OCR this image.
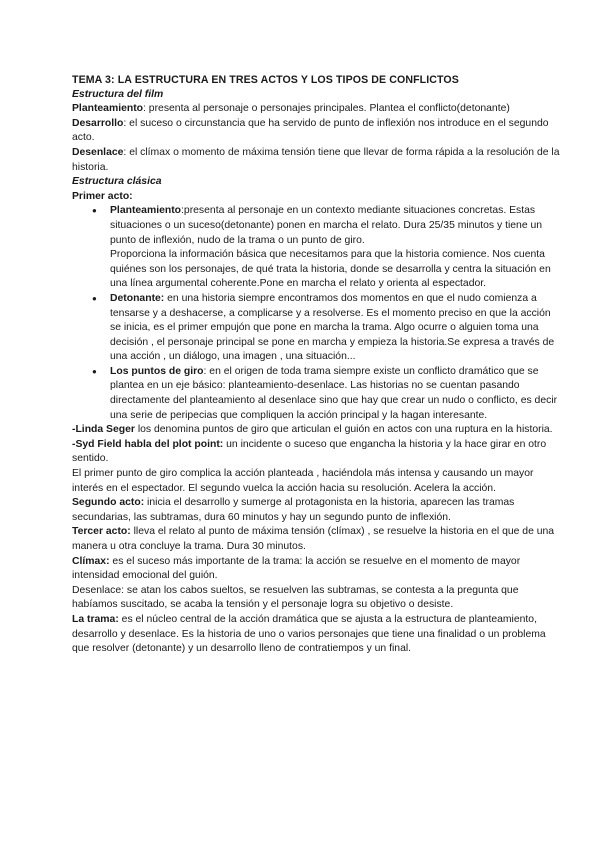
TEMA 3: LA ESTRUCTURA EN TRES ACTOS Y LOS TIPOS DE CONFLICTOS

Estructura del film

Planteamiento: presenta al personaje o personajes principales. Plantea el conflicto(detonante)

Desarrollo: el suceso o circunstancia que ha servido de punto de inflexión nos introduce en el segundo acto.

Desenlace: el clímax o momento de máxima tensión tiene que llevar de forma rápida a la resolución de la historia.

Estructura clásica

Primer acto:

● Planteamiento:presenta al personaje en un contexto mediante situaciones concretas. Estas situaciones o un suceso(detonante) ponen en marcha el relato. Dura 25/35 minutos y tiene un punto de inflexión, nudo de la trama o un punto de giro.

Proporciona la información básica que necesitamos para que la historia comience. Nos cuenta quiénes son los personajes, de qué trata la historia, donde se desarrolla y centra la situación en una línea argumental coherente.Pone en marcha el relato y orienta al espectador.

● Detonante: en una historia siempre encontramos dos momentos en que el nudo comienza a tensarse y a deshacerse, a complicarse y a resolverse. Es el momento preciso en que la acción se inicia, es el primer empujón que pone en marcha la trama. Algo ocurre o alguien toma una decisión , el personaje principal se pone en marcha y empieza la historia.Se expresa a través de una acción , un diálogo, una imagen , una situación...

● Los puntos de giro: en el origen de toda trama siempre existe un conflicto dramático que se plantea en un eje básico: planteamiento-desenlace. Las historias no se cuentan pasando directamente del planteamiento al desenlace sino que hay que crear un nudo o conflicto, es decir una serie de peripecias que compliquen la acción principal y la hagan interesante.

-Linda Seger los denomina puntos de giro que articulan el guión en actos con una ruptura en la historia.

-Syd Field habla del plot point: un incidente o suceso que engancha la historia y la hace girar en otro sentido.

El primer punto de giro complica la acción planteada , haciéndola más intensa y causando un mayor interés en el espectador. El segundo vuelca la acción hacia su resolución. Acelera la acción.

Segundo acto: inicia el desarrollo y sumerge al protagonista en la historia, aparecen las tramas secundarias, las subtramas, dura 60 minutos y hay un segundo punto de inflexión.

Tercer acto: lleva el relato al punto de máxima tensión (clímax) , se resuelve la historia en el que de una manera u otra concluye la trama. Dura 30 minutos.

Clímax: es el suceso más importante de la trama: la acción se resuelve en el momento de mayor intensidad emocional del guión.

Desenlace: se atan los cabos sueltos, se resuelven las subtramas, se contesta a la pregunta que habíamos suscitado, se acaba la tensión y el personaje logra su objetivo o desiste.

La trama: es el núcleo central de la acción dramática que se ajusta a la estructura de planteamiento, desarrollo y desenlace. Es la historia de uno o varios personajes que tiene una finalidad o un problema que resolver (detonante) y un desarrollo lleno de contratiempos y un final.
